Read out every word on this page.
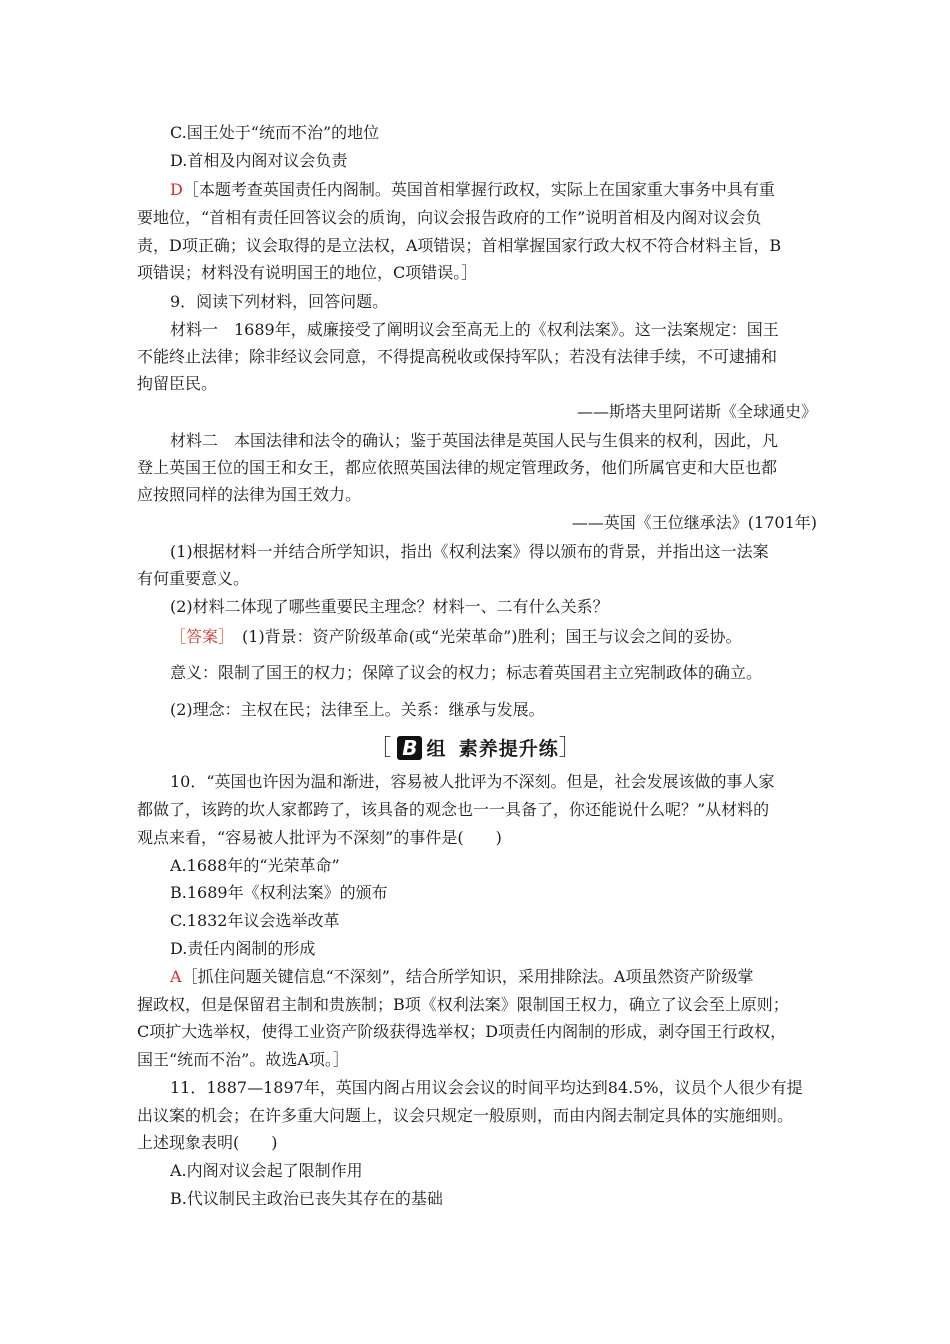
C.国王处于“统而不治”的地位
D.首相及内阁对议会负责
D［本题考查英国责任内阁制。英国首相掌握行政权，实际上在国家重大事务中具有重
要地位，“首相有责任回答议会的质询，向议会报告政府的工作”说明首相及内阁对议会负
责，D项正确；议会取得的是立法权，A项错误；首相掌握国家行政大权不符合材料主旨，B
项错误；材料没有说明国王的地位，C项错误。］
9．阅读下列材料，回答问题。
材料一　1689年，威廉接受了阐明议会至高无上的《权利法案》。这一法案规定：国王
不能终止法律；除非经议会同意，不得提高税收或保持军队；若没有法律手续，不可逮捕和
拘留臣民。
——斯塔夫里阿诺斯《全球通史》
材料二　本国法律和法令的确认；鉴于英国法律是英国人民与生俱来的权利，因此，凡
登上英国王位的国王和女王，都应依照英国法律的规定管理政务，他们所属官吏和大臣也都
应按照同样的法律为国王效力。
——英国《王位继承法》(1701年)
(1)根据材料一并结合所学知识，指出《权利法案》得以颁布的背景，并指出这一法案
有何重要意义。
(2)材料二体现了哪些重要民主理念？材料一、二有什么关系？
［答案］　(1)背景：资产阶级革命(或“光荣革命”)胜利；国王与议会之间的妥协。
意义：限制了国王的权力；保障了议会的权力；标志着英国君主立宪制政体的确立。
(2)理念：主权在民；法律至上。关系：继承与发展。
［ B 组 素养提升练］
10．“英国也许因为温和渐进，容易被人批评为不深刻。但是，社会发展该做的事人家
都做了，该跨的坎人家都跨了，该具备的观念也一一具备了，你还能说什么呢？”从材料的
观点来看，“容易被人批评为不深刻”的事件是(　　)
A.1688年的“光荣革命”
B.1689年《权利法案》的颁布
C.1832年议会选举改革
D.责任内阁制的形成
A［抓住问题关键信息“不深刻”，结合所学知识，采用排除法。A项虽然资产阶级掌
握政权，但是保留君主制和贵族制；B项《权利法案》限制国王权力，确立了议会至上原则；
C项扩大选举权，使得工业资产阶级获得选举权；D项责任内阁制的形成，剥夺国王行政权，
国王“统而不治”。故选A项。］
11．1887—1897年，英国内阁占用议会会议的时间平均达到84.5%，议员个人很少有提
出议案的机会；在许多重大问题上，议会只规定一般原则，而由内阁去制定具体的实施细则。
上述现象表明(　　)
A.内阁对议会起了限制作用
B.代议制民主政治已丧失其存在的基础
